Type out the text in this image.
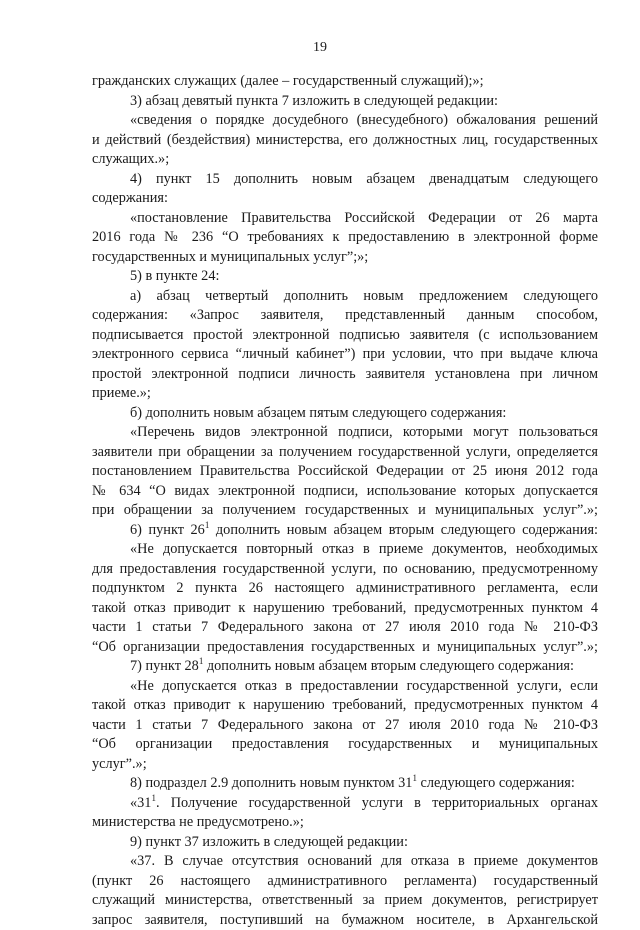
19

гражданских служащих (далее – государственный служащий);»;

3) абзац девятый пункта 7 изложить в следующей редакции:

«сведения о порядке досудебного (внесудебного) обжалования решений

и действий (бездействия) министерства, его должностных лиц, государственных

служащих.»;

4) пункт 15 дополнить новым абзацем двенадцатым следующего

содержания:

«постановление Правительства Российской Федерации от 26 марта

2016 года № 236 “О требованиях к предоставлению в электронной форме

государственных и муниципальных услуг”;»;

5) в пункте 24:

а) абзац четвертый дополнить новым предложением следующего

содержания: «Запрос заявителя, представленный данным способом,

подписывается простой электронной подписью заявителя (с использованием

электронного сервиса “личный кабинет”) при условии, что при выдаче ключа

простой электронной подписи личность заявителя установлена при личном

приеме.»;

б) дополнить новым абзацем пятым следующего содержания:

«Перечень видов электронной подписи, которыми могут пользоваться

заявители при обращении за получением государственной услуги, определяется

постановлением Правительства Российской Федерации от 25 июня 2012 года

№ 634 “О видах электронной подписи, использование которых допускается

при обращении за получением государственных и муниципальных услуг”.»;

6) пункт $26^1$ дополнить новым абзацем вторым следующего содержания:

«Не допускается повторный отказ в приеме документов, необходимых

для предоставления государственной услуги, по основанию, предусмотренному

подпунктом 2 пункта 26 настоящего административного регламента, если

такой отказ приводит к нарушению требований, предусмотренных пунктом 4

части 1 статьи 7 Федерального закона от 27 июля 2010 года № 210-ФЗ

“Об организации предоставления государственных и муниципальных услуг”.»;

7) пункт $28^1$ дополнить новым абзацем вторым следующего содержания:

«Не допускается отказ в предоставлении государственной услуги, если

такой отказ приводит к нарушению требований, предусмотренных пунктом 4

части 1 статьи 7 Федерального закона от 27 июля 2010 года № 210-ФЗ

“Об организации предоставления государственных и муниципальных

услуг”.»;

8) подраздел 2.9 дополнить новым пунктом $31^1$ следующего содержания:

«$31^1$. Получение государственной услуги в территориальных органах

министерства не предусмотрено.»;

9) пункт 37 изложить в следующей редакции:

«37. В случае отсутствия оснований для отказа в приеме документов

(пункт 26 настоящего административного регламента) государственный

служащий министерства, ответственный за прием документов, регистрирует

запрос заявителя, поступивший на бумажном носителе, в Архангельской
